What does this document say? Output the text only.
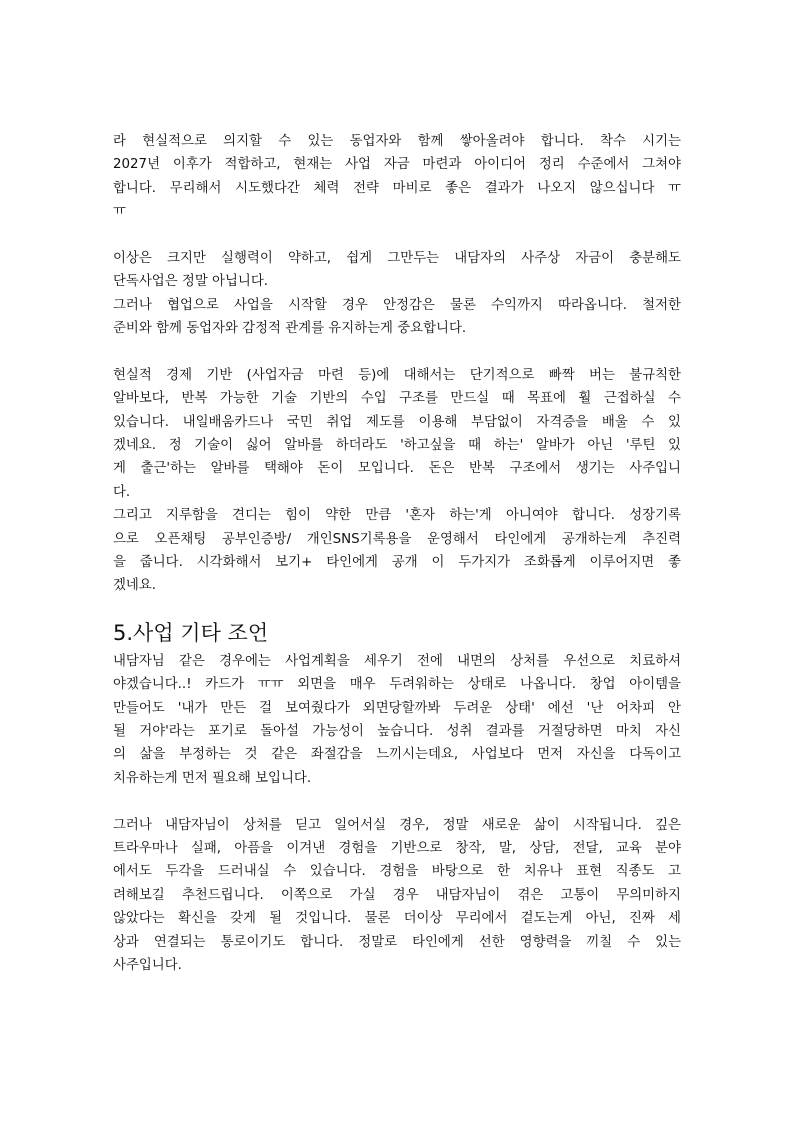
라 현실적으로 의지할 수 있는 동업자와 함께 쌓아올려야 합니다. 착수 시기는
2027년 이후가 적합하고, 현재는 사업 자금 마련과 아이디어 정리 수준에서 그쳐야
합니다. 무리해서 시도했다간 체력 전략 마비로 좋은 결과가 나오지 않으십니다 ㅠ
ㅠ
이상은 크지만 실행력이 약하고, 쉽게 그만두는 내담자의 사주상 자금이 충분해도
단독사업은 정말 아닙니다.
그러나 협업으로 사업을 시작할 경우 안정감은 물론 수익까지 따라옵니다. 철저한
준비와 함께 동업자와 감정적 관계를 유지하는게 중요합니다.
현실적 경제 기반 (사업자금 마련 등)에 대해서는 단기적으로 빠짝 버는 불규칙한
알바보다, 반복 가능한 기술 기반의 수입 구조를 만드실 때 목표에 훨 근접하실 수
있습니다. 내일배움카드나 국민 취업 제도를 이용해 부담없이 자격증을 배울 수 있
겠네요. 정 기술이 싫어 알바를 하더라도 '하고싶을 때 하는' 알바가 아닌 '루틴 있
게 출근'하는 알바를 택해야 돈이 모입니다. 돈은 반복 구조에서 생기는 사주입니
다.
그리고 지루함을 견디는 힘이 약한 만큼 '혼자 하는'게 아니여야 합니다. 성장기록
으로 오픈채팅 공부인증방/ 개인SNS기록용을 운영해서 타인에게 공개하는게 추진력
을 줍니다. 시각화해서 보기+ 타인에게 공개 이 두가지가 조화롭게 이루어지면 좋
겠네요.
5.사업 기타 조언
내담자님 같은 경우에는 사업계획을 세우기 전에 내면의 상처를 우선으로 치료하셔
야겠습니다..! 카드가 ㅠㅠ 외면을 매우 두려워하는 상태로 나옵니다. 창업 아이템을
만들어도 '내가 만든 걸 보여줬다가 외면당할까봐 두려운 상태' 에선 '난 어차피 안
될 거야'라는 포기로 돌아설 가능성이 높습니다. 성취 결과를 거절당하면 마치 자신
의 삶을 부정하는 것 같은 좌절감을 느끼시는데요, 사업보다 먼저 자신을 다독이고
치유하는게 먼저 필요해 보입니다.
그러나 내담자님이 상처를 딛고 일어서실 경우, 정말 새로운 삶이 시작됩니다. 깊은
트라우마나 실패, 아픔을 이겨낸 경험을 기반으로 창작, 말, 상담, 전달, 교육 분야
에서도 두각을 드러내실 수 있습니다. 경험을 바탕으로 한 치유나 표현 직종도 고
려해보길 추천드립니다. 이쪽으로 가실 경우 내담자님이 겪은 고통이 무의미하지
않았다는 확신을 갖게 될 것입니다. 물론 더이상 무리에서 겉도는게 아닌, 진짜 세
상과 연결되는 통로이기도 합니다. 정말로 타인에게 선한 영향력을 끼칠 수 있는
사주입니다.
